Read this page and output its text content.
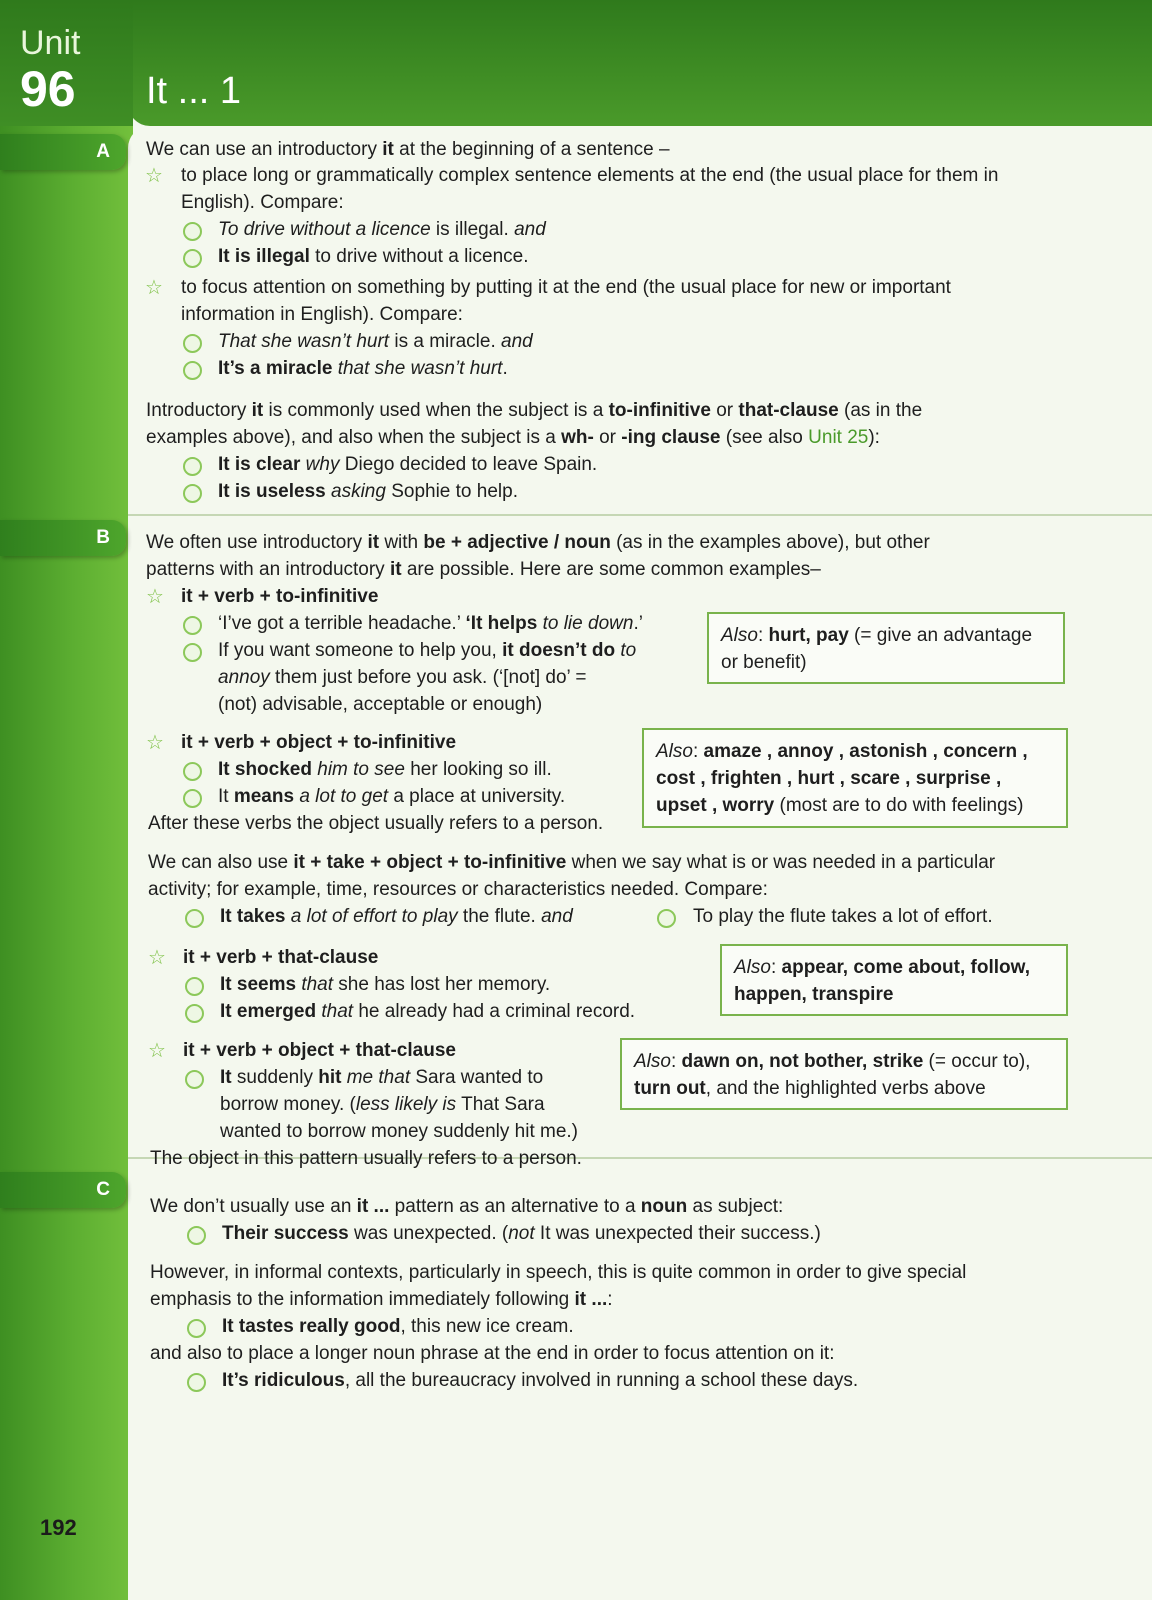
Unit
96 It ... 1
A
B
C
192
We can use an introductory it at the beginning of a sentence –
☆ to place long or grammatically complex sentence elements at the end (the usual place for them in
English). Compare:
To drive without a licence is illegal. and
It is illegal to drive without a licence.
☆ to focus attention on something by putting it at the end (the usual place for new or important
information in English). Compare:
That she wasn’t hurt is a miracle. and
It’s a miracle that she wasn’t hurt.
Introductory it is commonly used when the subject is a to-infinitive or that-clause (as in the
examples above), and also when the subject is a wh- or -ing clause (see also Unit 25):
It is clear why Diego decided to leave Spain.
It is useless asking Sophie to help.
We often use introductory it with be + adjective / noun (as in the examples above), but other
patterns with an introductory it are possible. Here are some common examples–
☆ it + verb + to-infinitive
‘I’ve got a terrible headache.’ ‘It helps to lie down.’
If you want someone to help you, it doesn’t do to
annoy them just before you ask. (‘[not] do’ =
(not) advisable, acceptable or enough)
Also: hurt, pay (= give an advantage
or benefit)
☆ it + verb + object + to-infinitive
It shocked him to see her looking so ill.
It means a lot to get a place at university.
After these verbs the object usually refers to a person.
Also: amaze , annoy , astonish , concern ,
cost , frighten , hurt , scare , surprise ,
upset , worry (most are to do with feelings)
We can also use it + take + object + to-infinitive when we say what is or was needed in a particular
activity; for example, time, resources or characteristics needed. Compare:
It takes a lot of effort to play the flute. and	To play the flute takes a lot of effort.
☆ it + verb + that-clause
It seems that she has lost her memory.
It emerged that he already had a criminal record.
Also: appear, come about, follow,
happen, transpire
☆ it + verb + object + that-clause
It suddenly hit me that Sara wanted to
borrow money. (less likely is That Sara
wanted to borrow money suddenly hit me.)
The object in this pattern usually refers to a person.
Also: dawn on, not bother, strike (= occur to),
turn out, and the highlighted verbs above
We don’t usually use an it ... pattern as an alternative to a noun as subject:
Their success was unexpected. (not It was unexpected their success.)
However, in informal contexts, particularly in speech, this is quite common in order to give special
emphasis to the information immediately following it ...:
It tastes really good, this new ice cream.
and also to place a longer noun phrase at the end in order to focus attention on it:
It’s ridiculous, all the bureaucracy involved in running a school these days.
